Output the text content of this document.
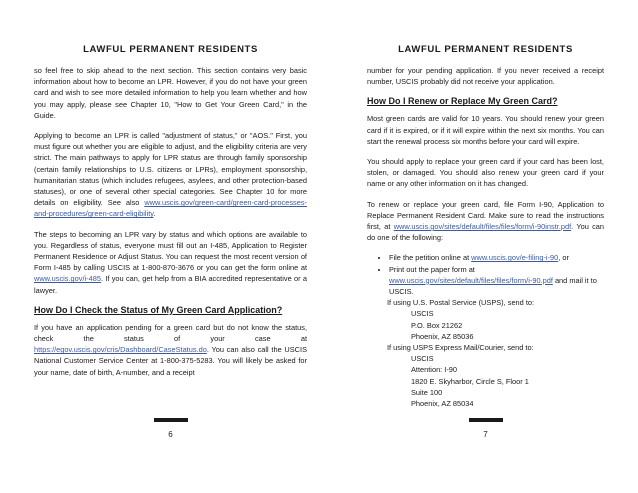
LAWFUL PERMANENT RESIDENTS

so feel free to skip ahead to the next section. This section contains very basic information about how to become an LPR. However, if you do not have your green card and wish to see more detailed information to help you learn whether and how you may apply, please see Chapter 10, "How to Get Your Green Card," in the Guide.

Applying to become an LPR is called "adjustment of status," or "AOS." First, you must figure out whether you are eligible to adjust, and the eligibility criteria are very strict. The main pathways to apply for LPR status are through family sponsorship (certain family relationships to U.S. citizens or LPRs), employment sponsorship, humanitarian status (which includes refugees, asylees, and other protection-based statuses), or one of several other special categories. See Chapter 10 for more details on eligibility. See also www.uscis.gov/green-card/green-card-processes-and-procedures/green-card-eligibility.

The steps to becoming an LPR vary by status and which options are available to you. Regardless of status, everyone must fill out an I-485, Application to Register Permanent Residence or Adjust Status. You can request the most recent version of Form I-485 by calling USCIS at 1-800-870-3676 or you can get the form online at www.uscis.gov/i-485. If you can, get help from a BIA accredited representative or a lawyer.

How Do I Check the Status of My Green Card Application?

If you have an application pending for a green card but do not know the status, check the status of your case at https://egov.uscis.gov/cris/Dashboard/CaseStatus.do. You can also call the USCIS National Customer Service Center at 1-800-375-5283. You will likely be asked for your name, date of birth, A-number, and a receipt

6
LAWFUL PERMANENT RESIDENTS

number for your pending application. If you never received a receipt number, USCIS probably did not receive your application.

How Do I Renew or Replace My Green Card?

Most green cards are valid for 10 years. You should renew your green card if it is expired, or if it will expire within the next six months. You can start the renewal process six months before your card will expire.

You should apply to replace your green card if your card has been lost, stolen, or damaged. You should also renew your green card if your name or any other information on it has changed.

To renew or replace your green card, file Form I-90, Application to Replace Permanent Resident Card. Make sure to read the instructions first, at www.uscis.gov/sites/default/files/files/form/i-90instr.pdf. You can do one of the following:

• File the petition online at www.uscis.gov/e-filing-i-90, or
• Print out the paper form at www.uscis.gov/sites/default/files/files/form/i-90.pdf and mail it to USCIS.
If using U.S. Postal Service (USPS), send to:
USCIS
P.O. Box 21262
Phoenix, AZ 85036
If using USPS Express Mail/Courier, send to:
USCIS
Attention: I-90
1820 E. Skyharbor, Circle S, Floor 1
Suite 100
Phoenix, AZ 85034
7
